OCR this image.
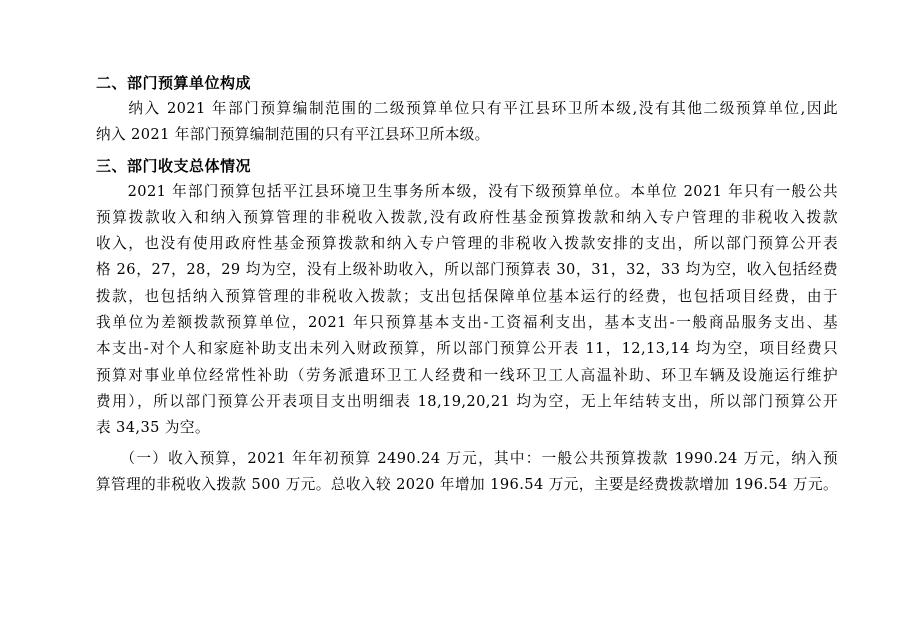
二、部门预算单位构成

　　纳入 2021 年部门预算编制范围的二级预算单位只有平江县环卫所本级,没有其他二级预算单位,因此
纳入 2021 年部门预算编制范围的只有平江县环卫所本级。

三、部门收支总体情况

　　2021 年部门预算包括平江县环境卫生事务所本级，没有下级预算单位。本单位 2021 年只有一般公共
预算拨款收入和纳入预算管理的非税收入拨款,没有政府性基金预算拨款和纳入专户管理的非税收入拨款
收入，也没有使用政府性基金预算拨款和纳入专户管理的非税收入拨款安排的支出，所以部门预算公开表
格 26，27，28，29 均为空，没有上级补助收入，所以部门预算表 30，31，32，33 均为空，收入包括经费
拨款，也包括纳入预算管理的非税收入拨款；支出包括保障单位基本运行的经费，也包括项目经费，由于
我单位为差额拨款预算单位，2021 年只预算基本支出-工资福利支出，基本支出-一般商品服务支出、基
本支出-对个人和家庭补助支出未列入财政预算，所以部门预算公开表 11，12,13,14 均为空，项目经费只
预算对事业单位经常性补助（劳务派遣环卫工人经费和一线环卫工人高温补助、环卫车辆及设施运行维护
费用），所以部门预算公开表项目支出明细表 18,19,20,21 均为空，无上年结转支出，所以部门预算公开
表 34,35 为空。
　　（一）收入预算，2021 年年初预算 2490.24 万元，其中：一般公共预算拨款 1990.24 万元，纳入预
算管理的非税收入拨款 500 万元。总收入较 2020 年增加 196.54 万元，主要是经费拨款增加 196.54 万元。
